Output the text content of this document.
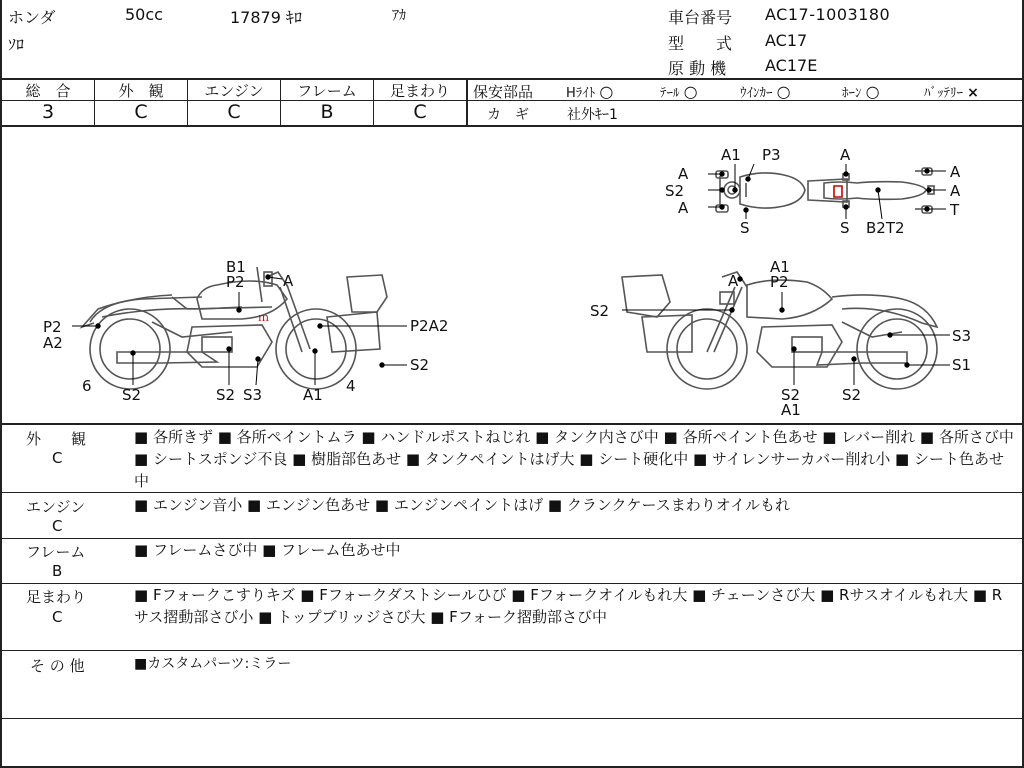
ホンダ	50cc	17879 ｷﾛ	ｱｶ
ｿﾛ
車台番号 AC17-1003180
型　　式 AC17
原 動 機 AC17E
総　合	外　観	エンジン	フレーム	足まわり
3	C	C	B	C
保安部品	Hﾗｲﾄ ○	ﾃｰﾙ ○	ｳｲﾝｶｰ ○	ﾎｰﾝ ○	ﾊﾞｯﾃﾘｰ ×
カ　ギ	社外ｷｰ1
ｍ
A1 P3	A
A
S2
A
A
A
T
S	S B2T2
B1
P2	A
P2
A2
P2A2
6 S2	S2 S3	A1 4
S2
A
A1
P2
S2
S3
S1
S2
A1
S2
外　　観
C
■ 各所きず ■ 各所ペイントムラ ■ ハンドルポストねじれ ■ タンク内さび中 ■ 各所ペイント色あせ ■ レバー削れ ■ 各所さび中 ■ シートスポンジ不良 ■ 樹脂部色あせ ■ タンクペイントはげ大 ■ シート硬化中 ■ サイレンサーカバー削れ小 ■ シート色あせ中
エンジン
C
■ エンジン音小 ■ エンジン色あせ ■ エンジンペイントはげ ■ クランクケースまわりオイルもれ
フレーム
B
■ フレームさび中 ■ フレーム色あせ中
足まわり
C
■ Fフォークこすりキズ ■ Fフォークダストシールひび ■ Fフォークオイルもれ大 ■ チェーンさび大 ■ Rサスオイルもれ大 ■ Rサス摺動部さび小 ■ トップブリッジさび大 ■ Fフォーク摺動部さび中
そ の 他	■カスタムパーツ:ミラー
